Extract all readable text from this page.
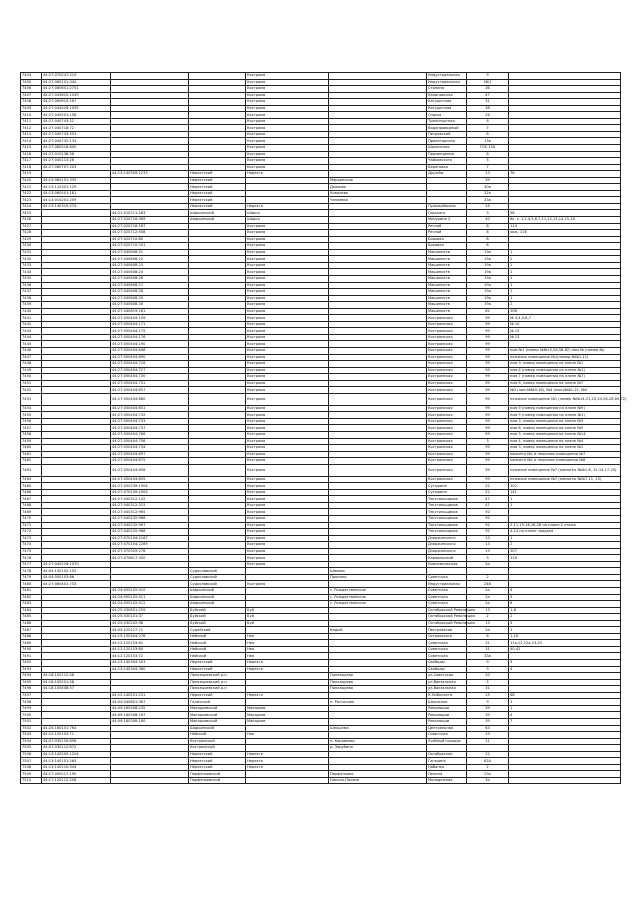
7404	44:27:070247:219			Кострома		Индустриальная	9	
7405	44:27:060101:340			Кострома		Индустриальная	56/1	
7406	44:27:080601:2701			Кострома		Стопина	2б	
7407	44:27:043610:1549			Кострома		Калиновская	47	
7408	44:27:060610:167			Кострома		Катушечная	31	
7409	44:27:044428:1095			Кострома		Катушечная	38	
7410	44:27:040501:158			Кострома		Спасья	26	
7411	44:27:040743:22			Кострома		Транспортная	6	
7412	44:27:040718:72			Кострома		Водопроводный	7	
7413	44:27:040733:553			Кострома		Петровский	6	
7414	44:27:040732:133			Кострома		Пролетарская	13а	
7415	44:27:080518:600			Кострома		Шохинская	ГСК 15А	
7416	44:27:010136:56			Кострома		Просвещения	8	
7417	44:27:040113:28			Кострома		Чайковского	5	
7418	44:27:060707:203			Кострома		Береговая	7	
7419		44:13:140309:1233	Нерехтский	Нерехта		Дружбы	13	78
7420	44:13:080101:339		Нерехтский		Марьинское		39	
7421	44:13:110301:129		Нерехтский		Дьяково		30а	
7422	44:13:060501:181		Нерехтский		Ковалево		32а	
7423	44:13:010201:259		Нерехтский		Чапаевка		33а	
7424	44:13:140319:270		Нерехтский	Нерехта		Пушкарёвское	24	
7425		44:21:010211:283	Шарьинский	Шарья		Горького	3	58
7426		44:27:020716:369	Шарьинский	Шарья		Мичурина 2	40	6к. с. 1,2,4,5,6,7,11,12,13,14,15,18
7427		44:27:020718:167		Кострома		Речной	8	114
7428		44:27:020712:508		Кострома		Речной	8	кож. 116
7429		44:27:020710:80		Кострома		Боровая	8	
7430		44:27:020710:201		Кострома		Боровая	8	
7431		44:27:040608:21		Кострома		Машиниств	19а	1
7432		44:27:040608:22		Кострома		Машиниств	19а	2
7433		44:27:040608:23		Кострома		Машиниств	19а	1
7434		44:27:040608:24		Кострома		Машиниств	19а	1
7435		44:27:040608:26		Кострома		Машиниств	19а	1
7436		44:27:040608:27		Кострома		Машиниств	19а	1
7437		44:27:040608:28		Кострома		Машиниств	19а	1
7438		44:27:040608:29		Кострома		Машиниств	19а	1
7439		44:27:040608:30		Кострома		Машиниств	19а	2
7440		44:27:040619:181		Кострома		Машиниств	62	10б
7441		44:27:050404:159		Кострома		Костромская	99	№ 3,4,5,6,7
7442		44:27:050404:171		Кострома		Костромская	99	№ 10
7443		44:27:050404:175		Кострома		Костромская	99	№ 12
7444		44:27:050404:176		Кострома		Костромская	99	№ 13
7445		44:27:050404:190		Кострома		Костромская	99	
7446		44:27:050404:648		Кострома		Костромская	99	пом.№1 (номер №№15,26,58-62) пом.№ (номер №)
7447		44:27:050404:690		Кострома		Костромская	99	нежилое помещение №1(номер №№1-11)
7448		44:27:050404:726		Кострома		Костромская	99	пом 9, номер помещения на плане №1
7449		44:27:050404:727		Кострома		Костромская	99	пом 6 (номер помещения на плане №1)
7450		44:27:050404:730		Кострома		Костромская	99	пом 7 (номер помещения на плане №7)
7451		44:27:050404:731		Кострома		Костромская	99	пом 8, номер помещения на плане №7
7452		44:27:050404:657		Кострома		Костромская	99	№3 (ном.№№3-16), №4 (ном.№№1-21, №5
7453		44:27:050404:660		Кострома		Костромская	99	нежилое помещение №1 (номер №№14-21,23,24,26-28,69-72)
7454		44:27:050404:651		Кострома		Костромская	99	пом 9 (номер помещения на плане №9)
7455		44:27:050404:732		Кострома		Костромская	99	пом 9 (номер помещения на плане №1)
7456		44:27:050404:733		Кострома		Костромская	99	пом 3, номер помещения на плане №3
7457		44:27:050404:737		Кострома		Костромская	99	пом 8, номер помещения на плане №5
7458		44:27:050404:766		Кострома		Костромская	99	пом 3, номер помещения на плане №14
7459		44:27:050404:756		Кострома		Костромская	3	пом 4, номер помещения на плане №4
7460		44:27:050404:734		Кострома		Костромская	99	пом 3, номер помещения на плане №1
7461		44:27:050404:697		Кострома		Костромская	99	комната №1 в нежилом помещении №7
7462		44:27:050404:675		Кострома		Костромская	99	комната №1 в нежилом помещении №8
7463		44:27:050404:656		Кострома		Костромская	99	нежилое помещение №7 (комнаты №№1-6, 12-14,17-20)
7464		44:27:050404:655		Кострома		Костромская	99	нежилое помещение №7 (комнаты №№7-11, 15)
7465		44:27:050239:1904		Кострома		Сутырина	22	102
7466		44:27:070239:1904		Кострома		Сутырина	22	141
7467		44:27:040312:142		Кострома		Текстильщиков	47	1
7468		44:27:040312:315		Кострома		Текстильщиков	47	1
7469		44:27:040312:965		Кострома		Текстильщиков	92	
7470		44:27:040232:966		Кострома		Текстильщиков	92	
7471		44:27:040232:967		Кострома		Текстильщиков	92	2-11,15-16,18-28 на плане 2 этажа
7472		44:27:040232:968		Кострома		Текстильщиков	92	4-14 на плане чердака
7473		44:27:070104:2167		Кострома		Дзержинского	13	1
7474		44:27:070104:2289		Кострома		Дзержинского	13	2
7475		44:27:070329:278		Кострома		Дзержинского	19	107
7476		44:27:070617:350		Кострома		Камвольский	3	118
7477	44:27:040226:1070			Кострома		Комсомольская	5а	
7478	44:04:130102:105		Судиславский		Шахово			
7479	44:04:050103:66		Судиславский		Пронино	Советская	2	
7480	44:27:080401:753		Судиславский	Кострома		Индустриальная	24В	
7481		44:24:050102:410	Шарьинский		с. Рождественское	Советская	2а	4
7482		44:24:050102:411	Шарьинский		с. Рождественское	Советская	2а	5
7483		44:24:050102:412	Шарьинский		с. Рождественское	Советская	2а	6
7484		44:25:030601:259	Буйский	Буй		Октябрьской Революции	13	1-8
7485		44:25:030101:37	Буйский	Буй		Октябрьской Революции	2	2
7486		44:25:030202:98	Буйский	Буй		Октябрьской Революции	13	3
7487		44:05:120127:71	Судайский		Кадый	Пестровская	2а	1
7488		44:15:150304:276	Нейский	Нея		Островского	6	1-10
7489		44:12:120153:61	Нейский	Нея		Советская	31	11а,12,22а,23,24
7490		44:12:120153:60	Нейский	Нея		Советская	31	40-42
7491		44:12:120153:72	Нейский	Нея		Советская	33а	
7492		44:13:140304:353	Нерехтский	Нерехта		Свободы	9	3
7493		44:13:140304:360	Нерехтский	Нерехта		Свободы	9	4
7494	44:18:100112:48		Поназыревский р-н		Поназырево	ул.Советская	20	
7495	44:18:100201:58		Поназыревский р-н		Поназырево	ул.Вокзальная	5	
7496	44:18:100408:57		Поназыревский р-н		Поназырево	ул.Вокзальная	31	
7497		44:12:140201:231	Нерехтский	Нерехта		К.Либкнехта	15	68
7498		44:04:040801:387	Галичский		п. Россолово	Школьная	9	1
7499		44:09:160308:235	Макарьевский	Макарьев		Революции	39	1
7500		44:09:160308:167	Макарьевский	Макарьев		Революции	39	4
7501		44:09:160308:160	Макарьевский	Макарьев		Революции	39	7
7502	44:24:160101:764		Шарьинский		Шекшема	Центральная	63	
7503	44:12:120153:71		Нейский	Нея		Советская	19	
7504	44:07:030120:698		Костромской		п. Караваево	Учебный городок	11	
7505	44:07:030112:672		Костромской		д. Зарубино			
7506	44:13:140205:1204		Нерехтский	Нерехта		Октябрьская	22	
7507	44:13:140101:265		Нерехтский	Нерехта		Гагарина	62А	
7508	44:13:140210:544		Нерехтский	Нерехта		Набанка	2	
7509	44:17:090217:190		Парфеньевский		Парфеньево	Ленина	23а	
7510	44:17:120112:208		Парфеньевский		Николо-Поляна	Молодежная	3а	
